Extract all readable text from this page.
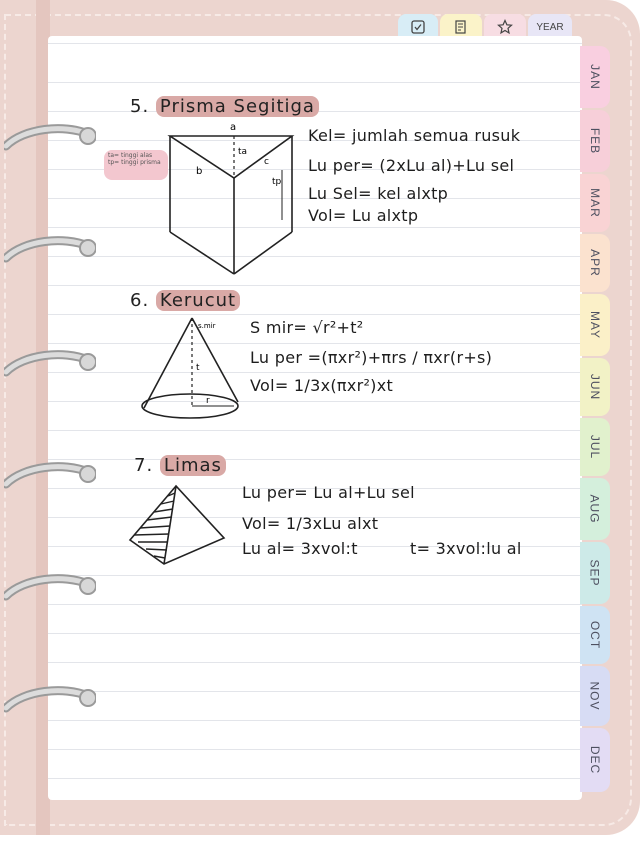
YEAR
JAN
FEB
MAR
APR
MAY
JUN
JUL
AUG
SEP
OCT
NOV
DEC
5. Prisma Segitiga
ta= tinggi alas tp= tinggi prisma
a
b
c
ta
tp
Kel= jumlah semua rusuk
Lu per= (2xLu al)+Lu sel
Lu Sel= kel alxtp
Vol= Lu alxtp
6. Kerucut
s.mir
t
r
S mir= √r²+t²
Lu per =(πxr²)+πrs / πxr(r+s)
Vol= 1/3x(πxr²)xt
7. Limas
Lu per= Lu al+Lu sel
Vol= 1/3xLu alxt
Lu al= 3xvol:t	t= 3xvol:lu al
